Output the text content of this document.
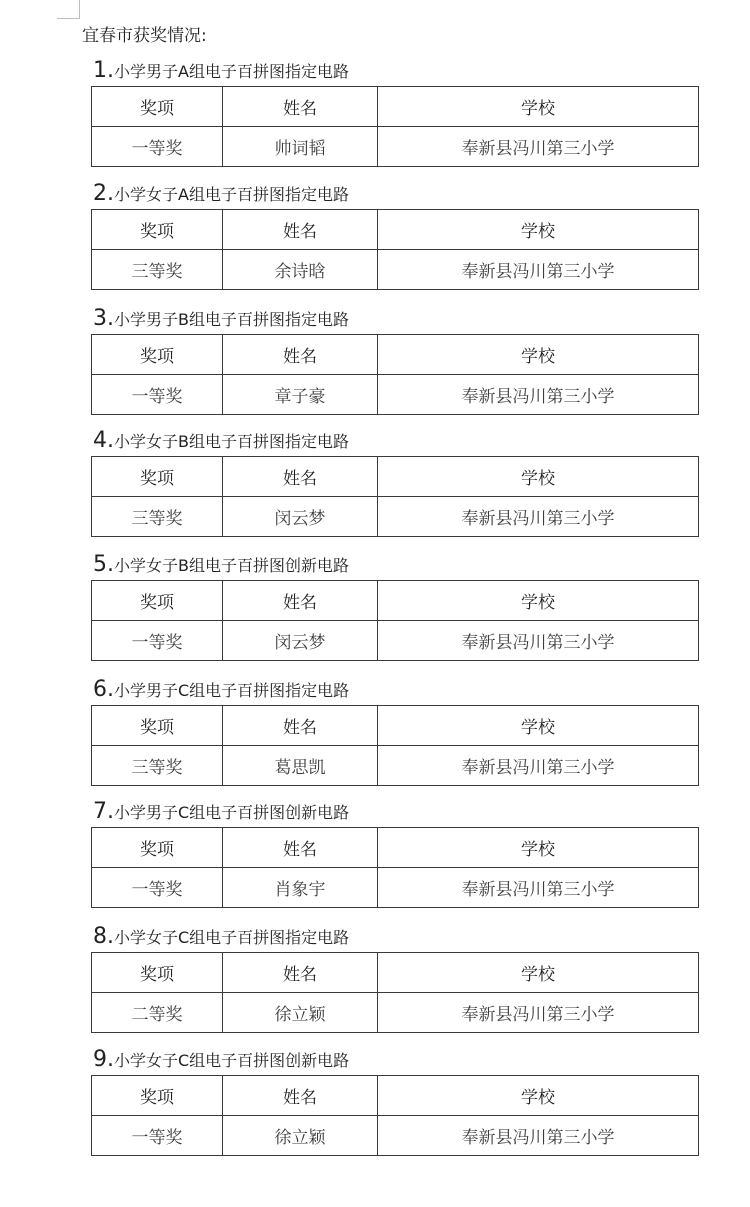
宜春市获奖情况:
1. 小学男子A组电子百拼图指定电路
奖项	姓名	学校
一等奖	帅词韬	奉新县冯川第三小学
2. 小学女子A组电子百拼图指定电路
奖项	姓名	学校
三等奖	余诗晗	奉新县冯川第三小学
3. 小学男子B组电子百拼图指定电路
奖项	姓名	学校
一等奖	章子豪	奉新县冯川第三小学
4. 小学女子B组电子百拼图指定电路
奖项	姓名	学校
三等奖	闵云梦	奉新县冯川第三小学
5. 小学女子B组电子百拼图创新电路
奖项	姓名	学校
一等奖	闵云梦	奉新县冯川第三小学
6. 小学男子C组电子百拼图指定电路
奖项	姓名	学校
三等奖	葛思凯	奉新县冯川第三小学
7. 小学男子C组电子百拼图创新电路
奖项	姓名	学校
一等奖	肖象宇	奉新县冯川第三小学
8. 小学女子C组电子百拼图指定电路
奖项	姓名	学校
二等奖	徐立颖	奉新县冯川第三小学
9. 小学女子C组电子百拼图创新电路
奖项	姓名	学校
一等奖	徐立颖	奉新县冯川第三小学
